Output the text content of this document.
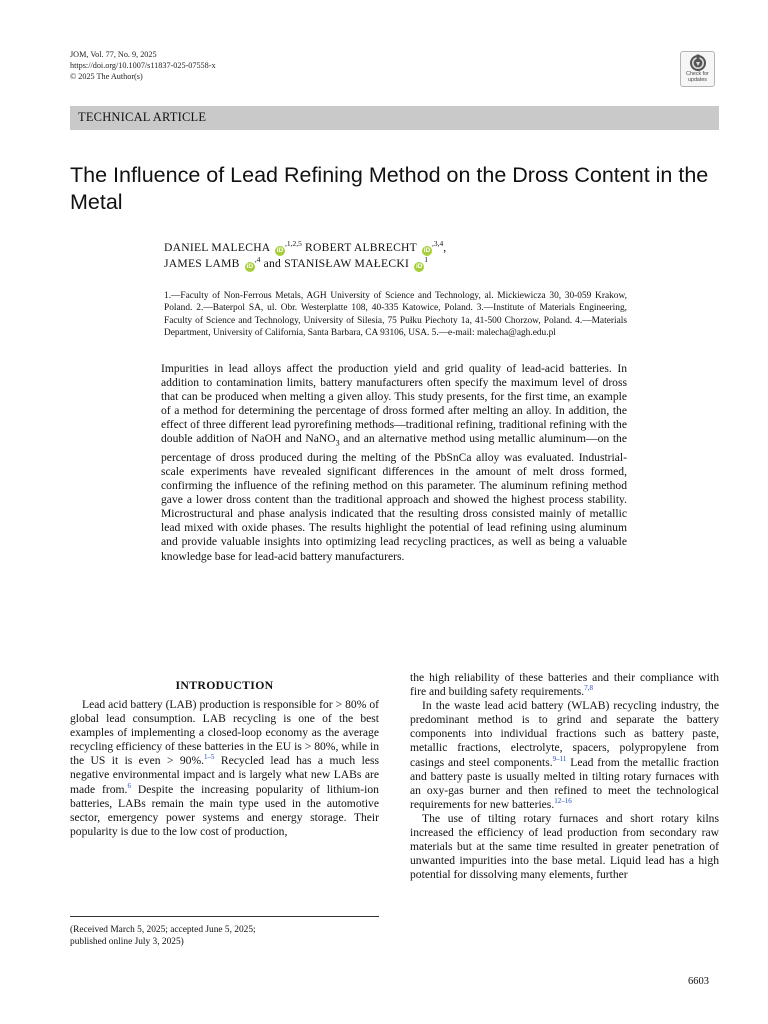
JOM, Vol. 77, No. 9, 2025
https://doi.org/10.1007/s11837-025-07558-x
© 2025 The Author(s)	Check for
updates
TECHNICAL ARTICLE
The Influence of Lead Refining Method on the Dross Content in the Metal
DANIEL MALECHA $iD^{,1,2,5}$ ROBERT ALBRECHT $iD^{,3,4}$,
JAMES LAMB $iD^{,4}$ and STANISŁAW MAŁECKI $iD^1$
1.—Faculty of Non-Ferrous Metals, AGH University of Science and Technology, al. Mickiewicza 30, 30-059 Krakow, Poland. 2.—Baterpol SA, ul. Obr. Westerplatte 108, 40-335 Katowice, Poland. 3.—Institute of Materials Engineering, Faculty of Science and Technology, University of Silesia, 75 Pułku Piechoty 1a, 41-500 Chorzow, Poland. 4.—Materials Department, University of California, Santa Barbara, CA 93106, USA. 5.—e-mail: malecha@agh.edu.pl
Impurities in lead alloys affect the production yield and grid quality of lead-acid batteries. In addition to contamination limits, battery manufacturers often specify the maximum level of dross that can be produced when melting a given alloy. This study presents, for the first time, an example of a method for determining the percentage of dross formed after melting an alloy. In addition, the effect of three different lead pyrorefining methods—traditional refining, traditional refining with the double addition of NaOH and NaNO$_3$ and an alternative method using metallic aluminum—on the percentage of dross produced during the melting of the PbSnCa alloy was evaluated. Industrial-scale experiments have revealed significant differences in the amount of melt dross formed, confirming the influence of the refining method on this parameter. The aluminum refining method gave a lower dross content than the traditional approach and showed the highest process stability. Microstructural and phase analysis indicated that the resulting dross consisted mainly of metallic lead mixed with oxide phases. The results highlight the potential of lead refining using aluminum and provide valuable insights into optimizing lead recycling practices, as well as being a valuable knowledge base for lead-acid battery manufacturers.
INTRODUCTION

Lead acid battery (LAB) production is responsible for > 80% of global lead consumption. LAB recycling is one of the best examples of implementing a closed-loop economy as the average recycling efficiency of these batteries in the EU is > 80%, while in the US it is even > 90%.$^{1-5}$ Recycled lead has a much less negative environmental impact and is largely what new LABs are made from.$^6$ Despite the increasing popularity of lithium-ion batteries, LABs remain the main type used in the automotive sector, emergency power systems and energy storage. Their popularity is due to the low cost of production,

the high reliability of these batteries and their compliance with fire and building safety requirements.$^{7,8}$

In the waste lead acid battery (WLAB) recycling industry, the predominant method is to grind and separate the battery components into individual fractions such as battery paste, metallic fractions, electrolyte, spacers, polypropylene from casings and steel components.$^{9-11}$ Lead from the metallic fraction and battery paste is usually melted in tilting rotary furnaces with an oxy-gas burner and then refined to meet the technological requirements for new batteries.$^{12-16}$

The use of tilting rotary furnaces and short rotary kilns increased the efficiency of lead production from secondary raw materials but at the same time resulted in greater penetration of unwanted impurities into the base metal. Liquid lead has a high potential for dissolving many elements, further

(Received March 5, 2025; accepted June 5, 2025;
published online July 3, 2025)
6603
